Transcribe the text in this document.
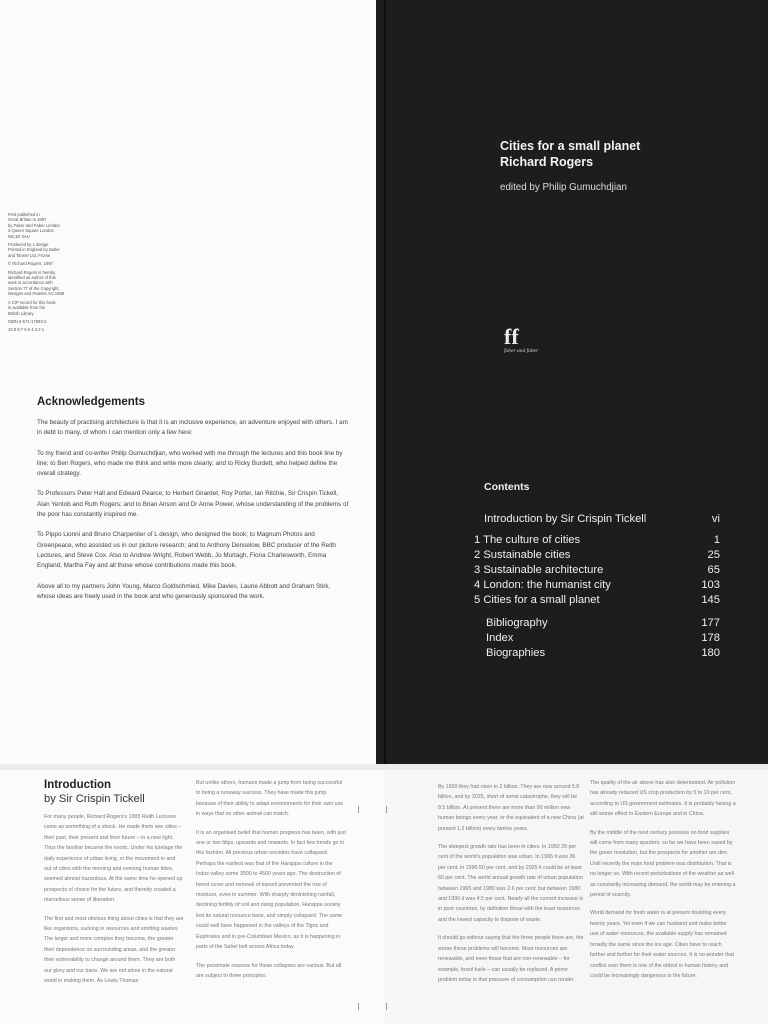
First published in
Great Britain in 1997
by Faber and Faber Limited
3 Queen Square London
WC1N 3AU

Produced by L design
Printed in England by Butler
and Tanner Ltd, Frome

© Richard Rogers, 1997

Richard Rogers is hereby
identified as author of this
work in accordance with
Section 77 of the Copyright,
Designs and Patents Act 1988

A CIP record for this book
is available from the
British Library

ISBN 0-571-17993-2

10 9 8 7 6 5 4 3 2 1

Cities for a small planet
Richard Rogers
edited by Philip Gumuchdjian
ff
faber and faber
Acknowledgements

The beauty of practising architecture is that it is an inclusive experience, an adventure enjoyed with others. I am in debt to many, of whom I can mention only a few here:

To my friend and co-writer Philip Gumuchdjian, who worked with me through the lectures and this book line by line; to Ben Rogers, who made me think and write more clearly; and to Ricky Burdett, who helped define the overall strategy.

To Professors Peter Hall and Edward Pearce; to Herbert Girardet, Roy Porter, Ian Ritchie, Sir Crispin Tickell, Alan Yentob and Ruth Rogers; and to Brian Anson and Dr Anne Power, whose understanding of the problems of the poor has constantly inspired me.

To Pippo Lionni and Bruno Charpentier of L design, who designed the book; to Magnum Photos and Greenpeace, who assisted us in our picture research; and to Anthony Denselow, BBC producer of the Reith Lectures, and Steve Cox. Also to Andrew Wright, Robert Webb, Jo Murtagh, Fiona Charlesworth, Emma England, Martha Fay and all those whose contributions made this book.

Above all to my partners John Young, Marco Goldschmied, Mike Davies, Laurie Abbott and Graham Stirk, whose ideas are freely used in the book and who generously sponsored the work.

Contents
Introduction by Sir Crispin Tickell	vi
1 The culture of cities	1
2 Sustainable cities	25
3 Sustainable architecture	65
4 London: the humanist city	103
5 Cities for a small planet	145
Bibliography	177
Index	178
Biographies	180
Introduction
by Sir Crispin Tickell

For many people, Richard Rogers's 1995 Reith Lectures came as something of a shock. He made them see cities – their past, their present and their future – in a new light. Thus the familiar became the exotic. Under his tutelage the daily experience of urban living, or the movement in and out of cities with the morning and evening human tides, seemed almost hazardous. At the same time he opened up prospects of choice for the future, and thereby created a marvellous sense of liberation.

The first and most obvious thing about cities is that they are like organisms, sucking in resources and emitting wastes. The larger and more complex they become, the greater their dependence on surrounding areas, and the greater their vulnerability to change around them. They are both our glory and our bane. We are not alone in the natural world in making them. As Lewis Thomas

But unlike others, humans made a jump from being successful to being a runaway success. They have made this jump because of their ability to adapt environments for their own use in ways that no other animal can match.

It is an organised belief that human progress has been, with just one or two blips, upwards and onwards. In fact few trends go in this fashion. All previous urban societies have collapsed. Perhaps the earliest was that of the Harappa culture in the Indus valley some 3500 to 4500 years ago. The destruction of forest cover and removal of topsoil prevented the rise of moisture, even in summer. With sharply diminishing rainfall, declining fertility of soil and rising population, Harappa society lost its natural resource base, and simply collapsed. The same could well have happened in the valleys of the Tigris and Euphrates and in pre-Columbian Mexico; as it is happening in parts of the Sahel belt across Africa today.

The proximate reasons for these collapses are various. But all are subject to three principles:

By 1930 they had risen to 2 billion. They are now around 5.8 billion, and by 2025, short of some catastrophe, they will be 8.5 billion. At present there are more than 90 million new human beings every year, or the equivalent of a new China (at present 1.2 billion) every twelve years.

The steepest growth rate has been in cities. In 1950 29 per cent of the world's population was urban. In 1965 it was 36 per cent, in 1990 50 per cent, and by 2025 it could be at least 60 per cent. The world annual growth rate of urban population between 1965 and 1980 was 2.6 per cent; but between 1980 and 1990 it was 4.5 per cent. Nearly all the current increase is in poor countries, by definition those with the least resources and the lowest capacity to dispose of waste.

It should go without saying that the three people there are, the worse these problems will become. Most resources are renewable, and even those that are non-renewable – for example, fossil fuels – can usually be replaced. A prime problem today is that pressure of consumption can render

The quality of the air above has also deteriorated. Air pollution has already reduced US crop production by 5 to 10 per cent, according to US government estimates. It is probably having a still worse effect in Eastern Europe and in China.

By the middle of the next century pressure on food supplies will come from many quarters; so far we have been saved by the green revolution, but the prospects for another are dim. Until recently the main food problem was distribution. That is no longer so. With recent perturbations of the weather as well as constantly increasing demand, the world may be entering a period of scarcity.

World demand for fresh water is at present doubling every twenty years. Yet even if we can husband and make better use of water resources, the available supply has remained broadly the same since the ice age. Cities have to reach further and further for their water sources. It is no wonder that conflict over them is one of the oldest in human history and could be increasingly dangerous in the future.
